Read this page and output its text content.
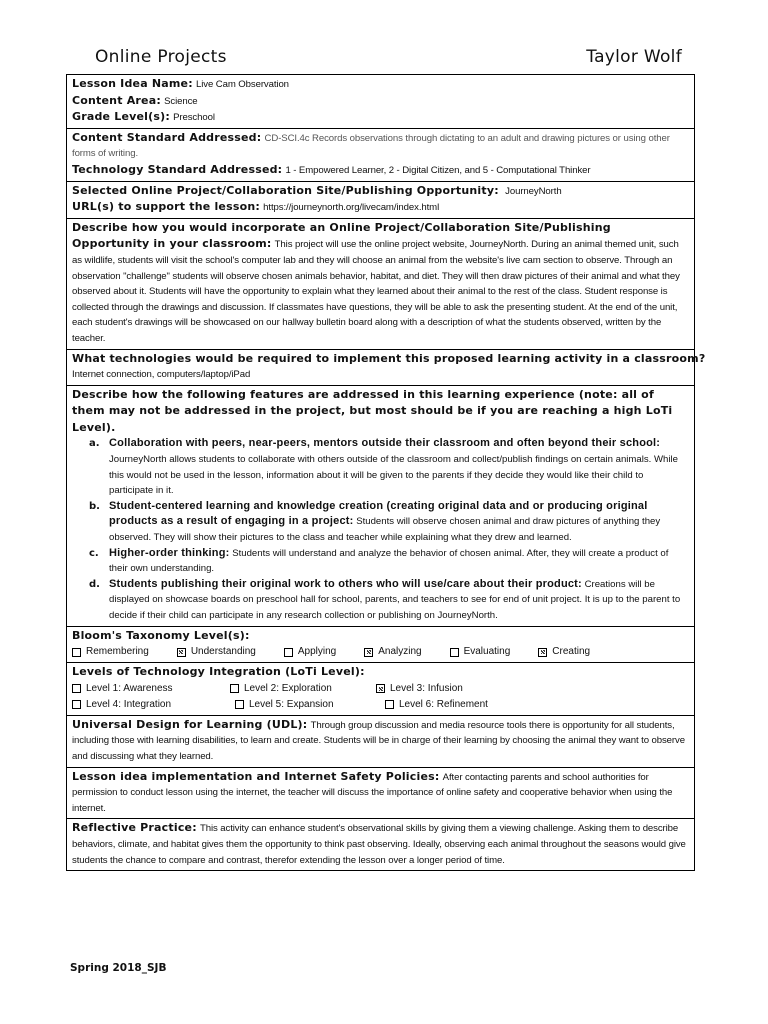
Online Projects	Taylor Wolf
Lesson Idea Name: Live Cam Observation
Content Area: Science
Grade Level(s): Preschool
Content Standard Addressed: CD-SCI.4c Records observations through dictating to an adult and drawing pictures or using other forms of writing.
Technology Standard Addressed: 1 - Empowered Learner, 2 - Digital Citizen, and 5 - Computational Thinker
Selected Online Project/Collaboration Site/Publishing Opportunity: JourneyNorth
URL(s) to support the lesson: https://journeynorth.org/livecam/index.html
Describe how you would incorporate an Online Project/Collaboration Site/Publishing Opportunity in your classroom: This project will use the online project website, JourneyNorth. During an animal themed unit, such as wildlife, students will visit the school's computer lab and they will choose an animal from the website's live cam section to observe. Through an observation "challenge" students will observe chosen animals behavior, habitat, and diet. They will then draw pictures of their animal and what they observed about it. Students will have the opportunity to explain what they learned about their animal to the rest of the class. Student response is collected through the drawings and discussion. If classmates have questions, they will be able to ask the presenting student. At the end of the unit, each student's drawings will be showcased on our hallway bulletin board along with a description of what the students observed, written by the teacher.
What technologies would be required to implement this proposed learning activity in a classroom?
Internet connection, computers/laptop/iPad
Describe how the following features are addressed in this learning experience (note: all of them may not be addressed in the project, but most should be if you are reaching a high LoTi Level).
a. Collaboration with peers, near-peers, mentors outside their classroom and often beyond their school: JourneyNorth allows students to collaborate with others outside of the classroom and collect/publish findings on certain animals. While this would not be used in the lesson, information about it will be given to the parents if they decide they would like their child to participate in it.
b. Student-centered learning and knowledge creation (creating original data and or producing original products as a result of engaging in a project: Students will observe chosen animal and draw pictures of anything they observed. They will show their pictures to the class and teacher while explaining what they drew and learned.
c. Higher-order thinking: Students will understand and analyze the behavior of chosen animal. After, they will create a product of their own understanding.
d. Students publishing their original work to others who will use/care about their product: Creations will be displayed on showcase boards on preschool hall for school, parents, and teachers to see for end of unit project. It is up to the parent to decide if their child can participate in any research collection or publishing on JourneyNorth.
Bloom's Taxonomy Level(s):
Remembering	Understanding	Applying	Analyzing	Evaluating	Creating
Levels of Technology Integration (LoTi Level):
Level 1: Awareness	Level 2: Exploration	Level 3: Infusion
Level 4: Integration	Level 5: Expansion	Level 6: Refinement
Universal Design for Learning (UDL): Through group discussion and media resource tools there is opportunity for all students, including those with learning disabilities, to learn and create. Students will be in charge of their learning by choosing the animal they want to observe and discussing what they learned.
Lesson idea implementation and Internet Safety Policies: After contacting parents and school authorities for permission to conduct lesson using the internet, the teacher will discuss the importance of online safety and cooperative behavior when using the internet.
Reflective Practice: This activity can enhance student's observational skills by giving them a viewing challenge. Asking them to describe behaviors, climate, and habitat gives them the opportunity to think past observing. Ideally, observing each animal throughout the seasons would give students the chance to compare and contrast, therefor extending the lesson over a longer period of time.
Spring 2018_SJB
